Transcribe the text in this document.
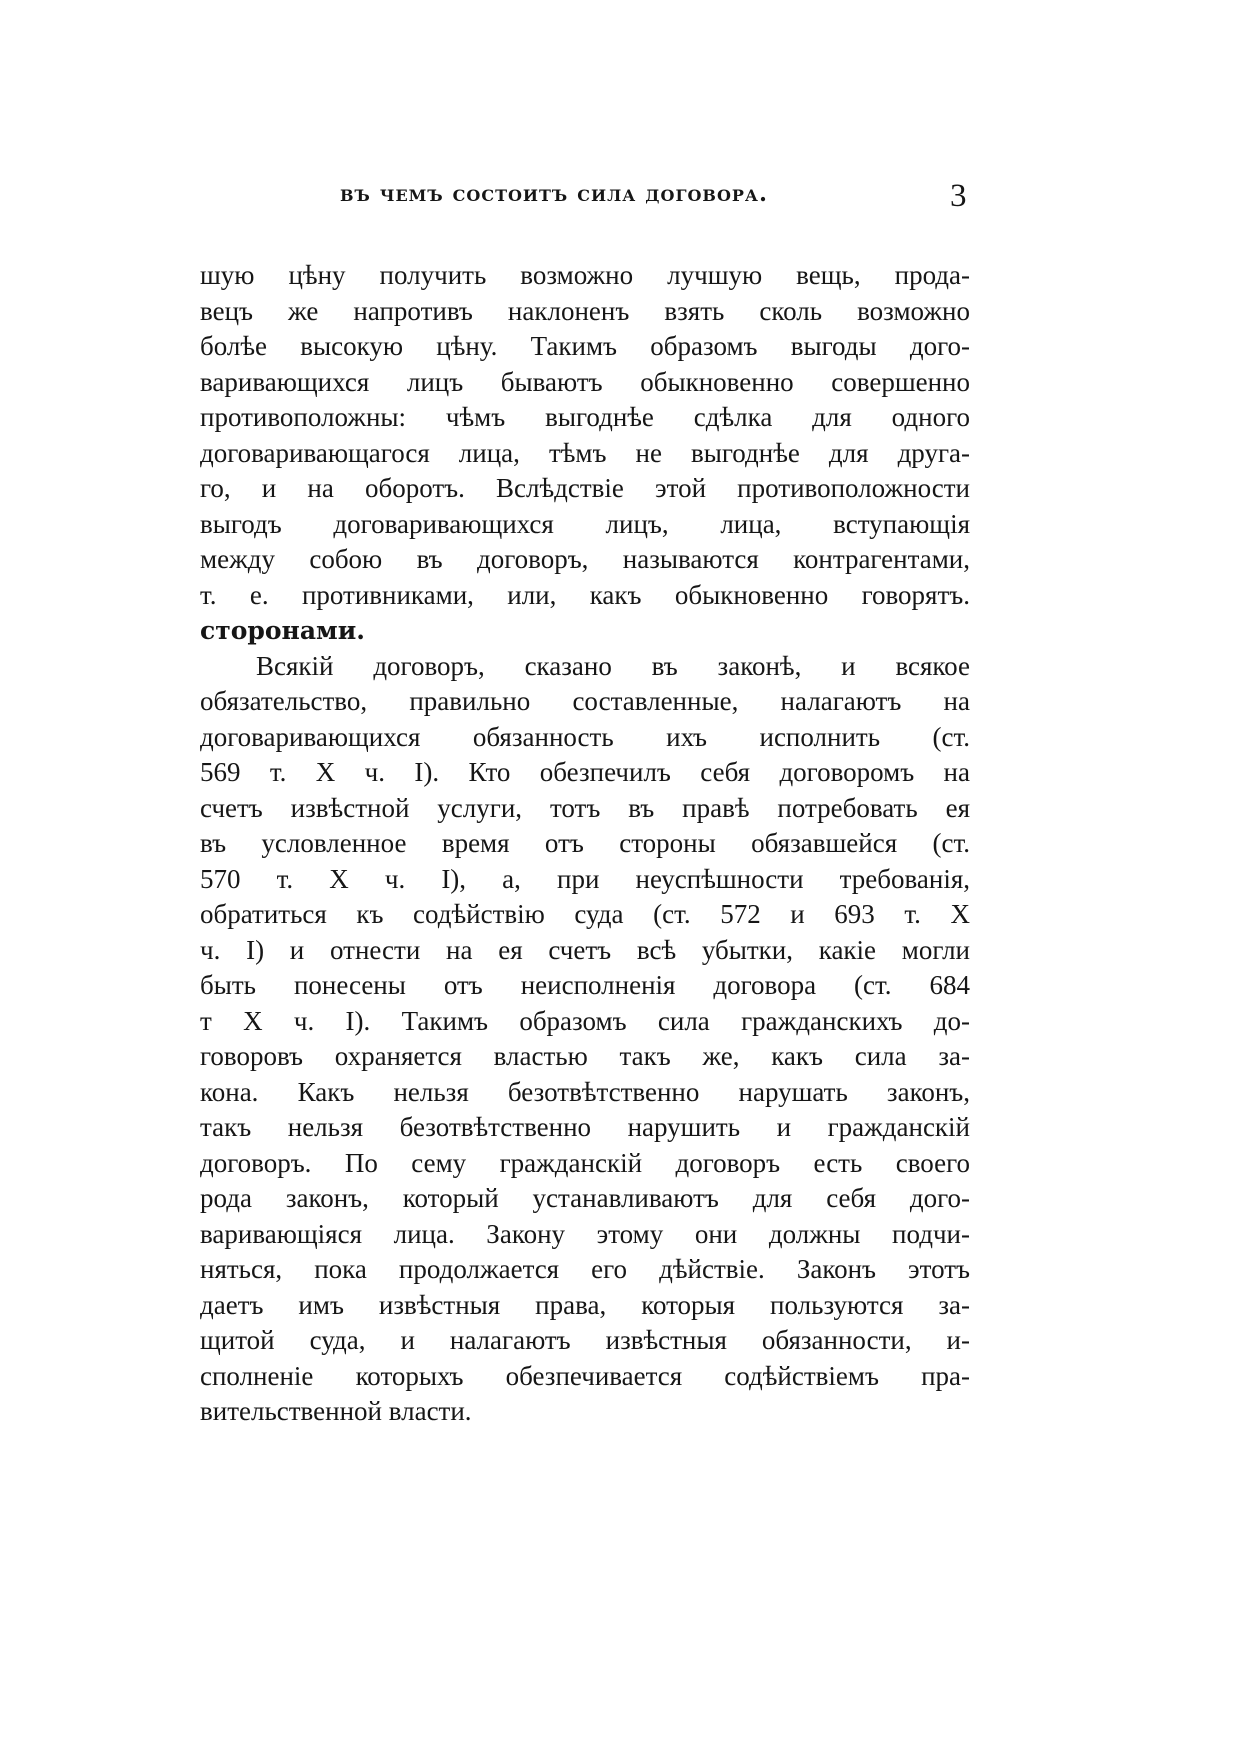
въ чемъ состоитъ сила договора.	3
шую цѣну получить возможно лучшую вещь, прода-
вецъ же напротивъ наклоненъ взять сколь возможно
болѣе высокую цѣну. Такимъ образомъ выгоды дого-
варивающихся лицъ бываютъ обыкновенно совершенно
противоположны: чѣмъ выгоднѣе сдѣлка для одного
договаривающагося лица, тѣмъ не выгоднѣе для друга-
го, и на оборотъ. Вслѣдствіе этой противоположности
выгодъ договаривающихся лицъ, лица, вступающія
между собою въ договоръ, называются контрагентами,
т. е. противниками, или, какъ обыкновенно говорятъ.
сторонами.
Всякій договоръ, сказано въ законѣ, и всякое
обязательство, правильно составленные, налагаютъ на
договаривающихся обязанность ихъ исполнить (ст.
569 т. X ч. I). Кто обезпечилъ себя договоромъ на
счетъ извѣстной услуги, тотъ въ правѣ потребовать ея
въ условленное время отъ стороны обязавшейся (ст.
570 т. X ч. I), а, при неуспѣшности требованія,
обратиться къ содѣйствію суда (ст. 572 и 693 т. X
ч. I) и отнести на ея счетъ всѣ убытки, какіе могли
быть понесены отъ неисполненія договора (ст. 684
т X ч. I). Такимъ образомъ сила гражданскихъ до-
говоровъ охраняется властью такъ же, какъ сила за-
кона. Какъ нельзя безотвѣтственно нарушать законъ,
такъ нельзя безотвѣтственно нарушить и гражданскій
договоръ. По сему гражданскій договоръ есть своего
рода законъ, который устанавливаютъ для себя дого-
варивающіяся лица. Закону этому они должны подчи-
няться, пока продолжается его дѣйствіе. Законъ этотъ
даетъ имъ извѣстныя права, которыя пользуются за-
щитой суда, и налагаютъ извѣстныя обязанности, и-
сполненіе которыхъ обезпечивается содѣйствіемъ пра-
вительственной власти.
